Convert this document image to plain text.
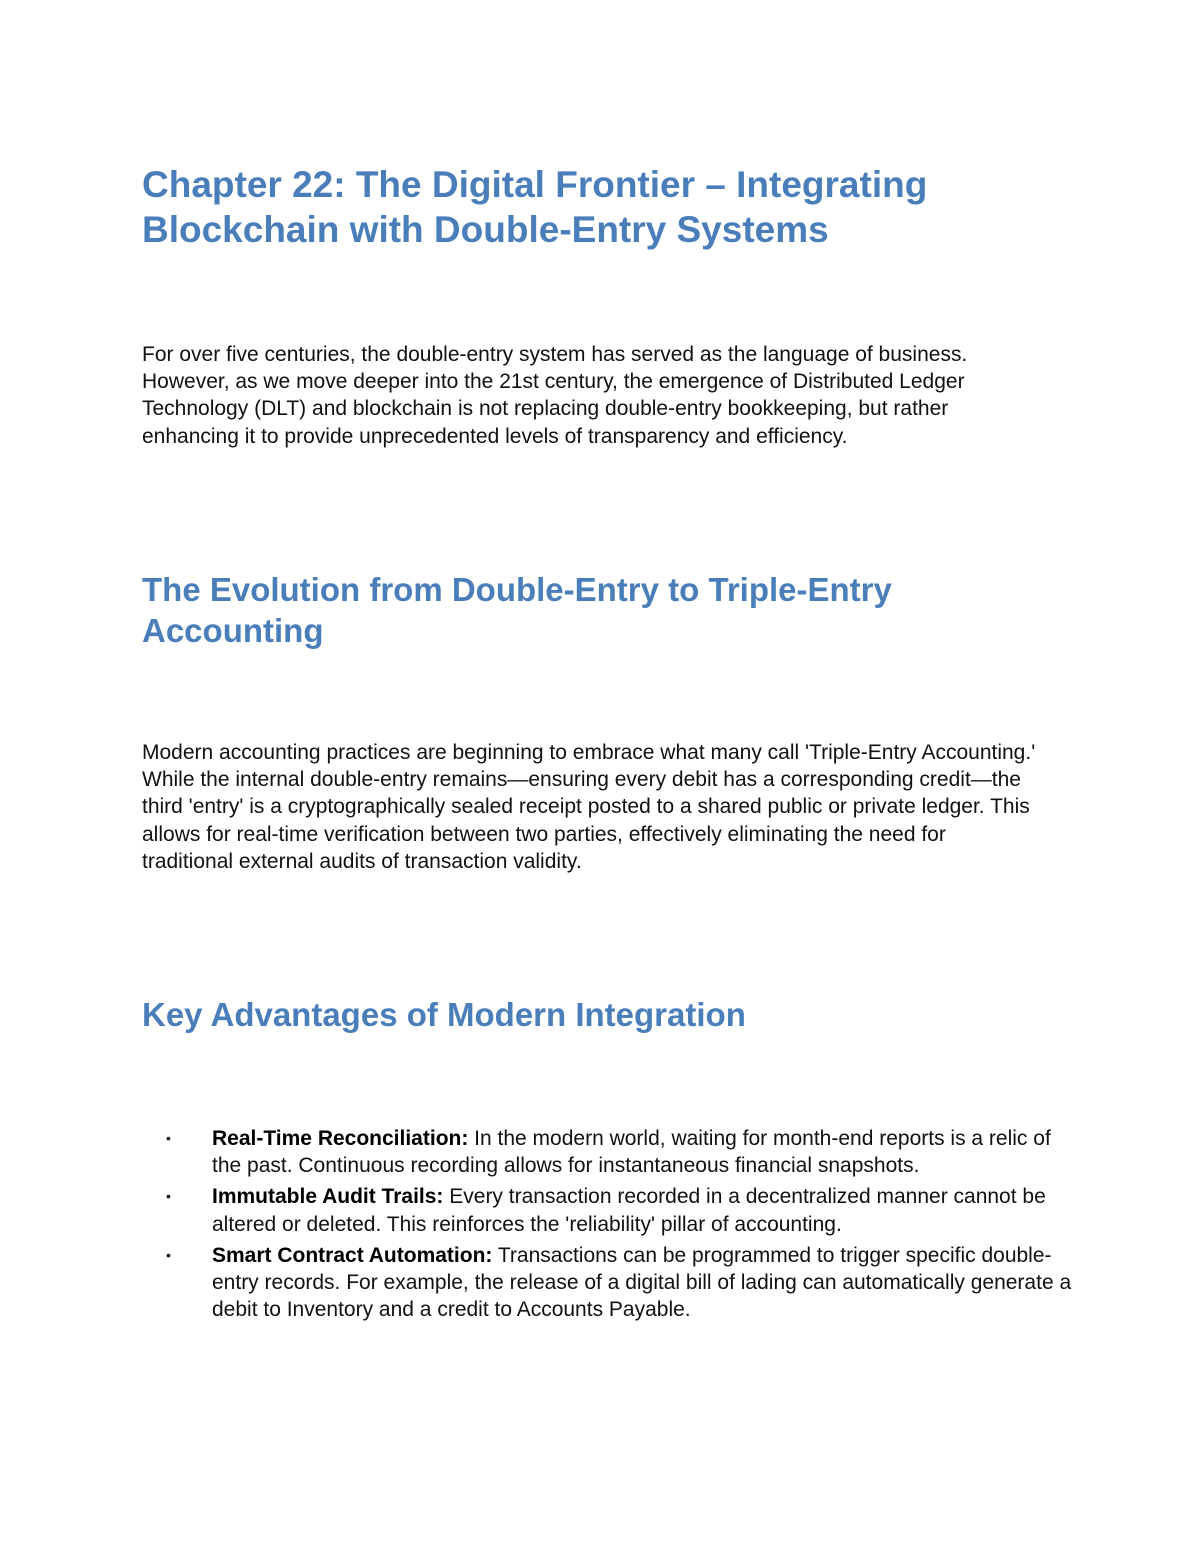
Chapter 22: The Digital Frontier – Integrating Blockchain with Double-Entry Systems

For over five centuries, the double-entry system has served as the language of business. However, as we move deeper into the 21st century, the emergence of Distributed Ledger Technology (DLT) and blockchain is not replacing double-entry bookkeeping, but rather enhancing it to provide unprecedented levels of transparency and efficiency.

The Evolution from Double-Entry to Triple-Entry Accounting

Modern accounting practices are beginning to embrace what many call 'Triple-Entry Accounting.' While the internal double-entry remains—ensuring every debit has a corresponding credit—the third 'entry' is a cryptographically sealed receipt posted to a shared public or private ledger. This allows for real-time verification between two parties, effectively eliminating the need for traditional external audits of transaction validity.

Key Advantages of Modern Integration
• Real-Time Reconciliation: In the modern world, waiting for month-end reports is a relic of the past. Continuous recording allows for instantaneous financial snapshots.
• Immutable Audit Trails: Every transaction recorded in a decentralized manner cannot be altered or deleted. This reinforces the 'reliability' pillar of accounting.
• Smart Contract Automation: Transactions can be programmed to trigger specific double-entry records. For example, the release of a digital bill of lading can automatically generate a debit to Inventory and a credit to Accounts Payable.
